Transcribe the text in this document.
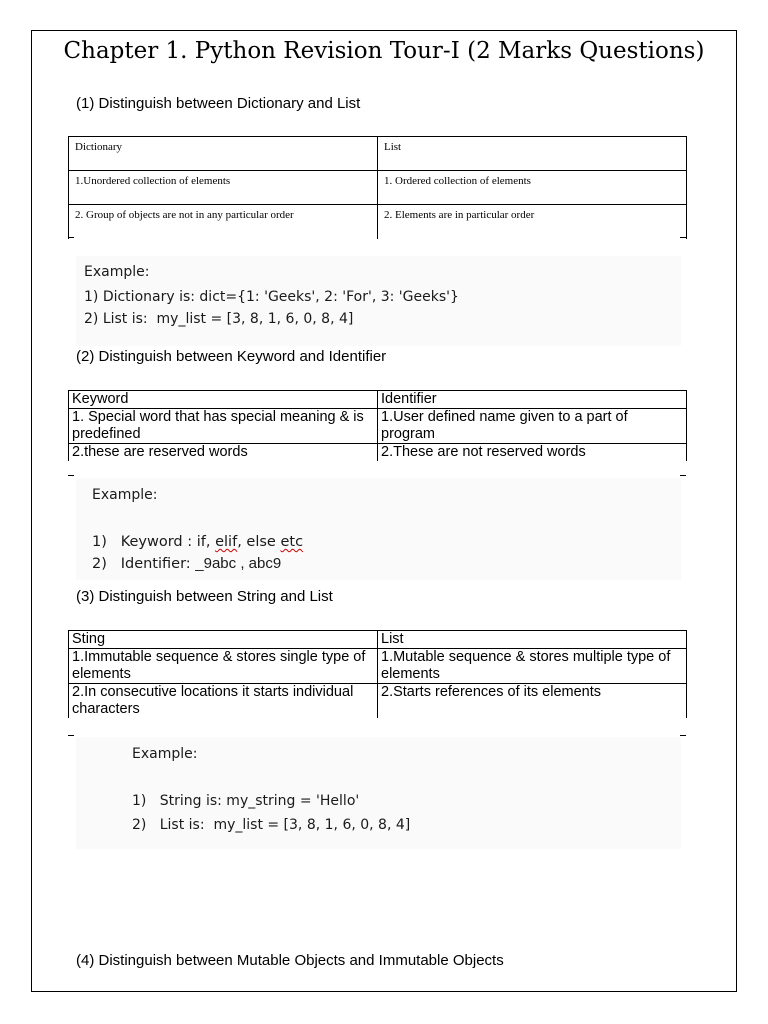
Chapter 1. Python Revision Tour-I (2 Marks Questions)
(1) Distinguish between Dictionary and List
Dictionary	List
1.Unordered collection of elements	1. Ordered collection of elements
2. Group of objects are not in any particular order	2. Elements are in particular order
Example:
1) Dictionary is: dict={1: 'Geeks', 2: 'For', 3: 'Geeks'}
2) List is:  my_list = [3, 8, 1, 6, 0, 8, 4]
(2) Distinguish between Keyword and Identifier
Keyword	Identifier
1. Special word that has special meaning & is predefined	1.User defined name given to a part of program
2.these are reserved words	2.These are not reserved words
Example:
1)   Keyword : if, elif, else etc
2)   Identifier: _9abc , abc9
(3) Distinguish between String and List
Sting	List
1.Immutable sequence & stores single type of elements	1.Mutable sequence & stores multiple type of elements
2.In consecutive locations it starts individual characters	2.Starts references of its elements
Example:
1)   String is: my_string = 'Hello'
2)   List is:  my_list = [3, 8, 1, 6, 0, 8, 4]
(4) Distinguish between Mutable Objects and Immutable Objects
